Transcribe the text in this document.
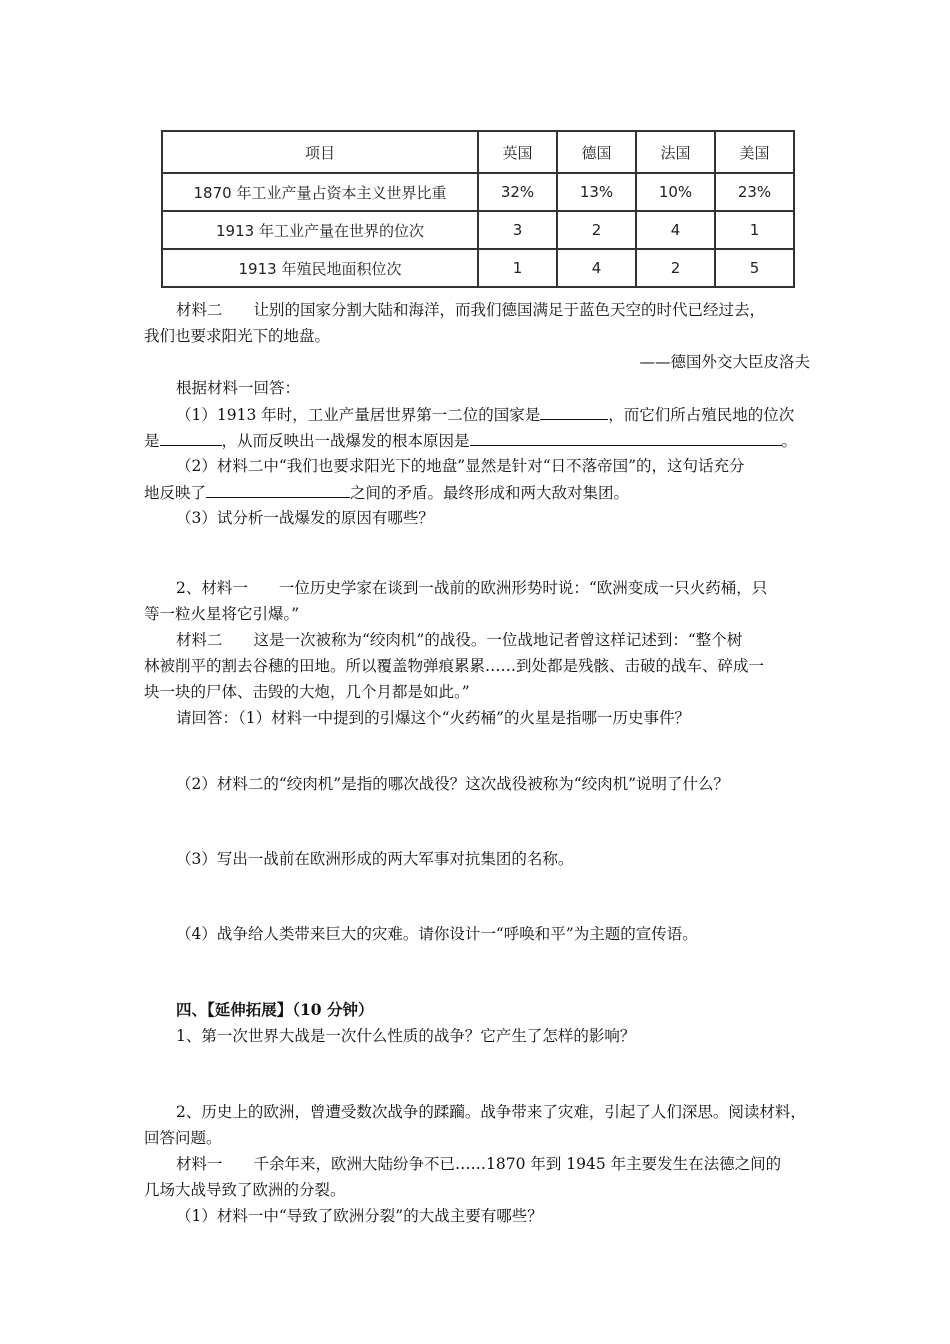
项目	英国	德国	法国	美国
1870 年工业产量占资本主义世界比重	32%	13%	10%	23%
1913 年工业产量在世界的位次	3	2	4	1
1913 年殖民地面积位次	1	4	2	5
材料二　　让别的国家分割大陆和海洋，而我们德国满足于蓝色天空的时代已经过去，
我们也要求阳光下的地盘。
——德国外交大臣皮洛夫
根据材料一回答：
（1）1913 年时，工业产量居世界第一二位的国家是	，而它们所占殖民地的位次
是	，从而反映出一战爆发的根本原因是	。
（2）材料二中“我们也要求阳光下的地盘”显然是针对“日不落帝国”的，这句话充分
地反映了	之间的矛盾。最终形成和两大敌对集团。
（3）试分析一战爆发的原因有哪些？
2、材料一　　一位历史学家在谈到一战前的欧洲形势时说：“欧洲变成一只火药桶，只
等一粒火星将它引爆。”
材料二　　这是一次被称为“绞肉机”的战役。一位战地记者曾这样记述到：“整个树
林被削平的割去谷穗的田地。所以覆盖物弹痕累累……到处都是残骸、击破的战车、碎成一
块一块的尸体、击毁的大炮，几个月都是如此。”
请回答：（1）材料一中提到的引爆这个“火药桶”的火星是指哪一历史事件？
（2）材料二的“绞肉机”是指的哪次战役？这次战役被称为“绞肉机”说明了什么？
（3）写出一战前在欧洲形成的两大军事对抗集团的名称。
（4）战争给人类带来巨大的灾难。请你设计一“呼唤和平”为主题的宣传语。
四、【延伸拓展】（10 分钟）
1、第一次世界大战是一次什么性质的战争？它产生了怎样的影响？
2、历史上的欧洲，曾遭受数次战争的蹂躏。战争带来了灾难，引起了人们深思。阅读材料，
回答问题。
材料一　　千余年来，欧洲大陆纷争不已……1870 年到 1945 年主要发生在法德之间的
几场大战导致了欧洲的分裂。
（1）材料一中“导致了欧洲分裂”的大战主要有哪些？
